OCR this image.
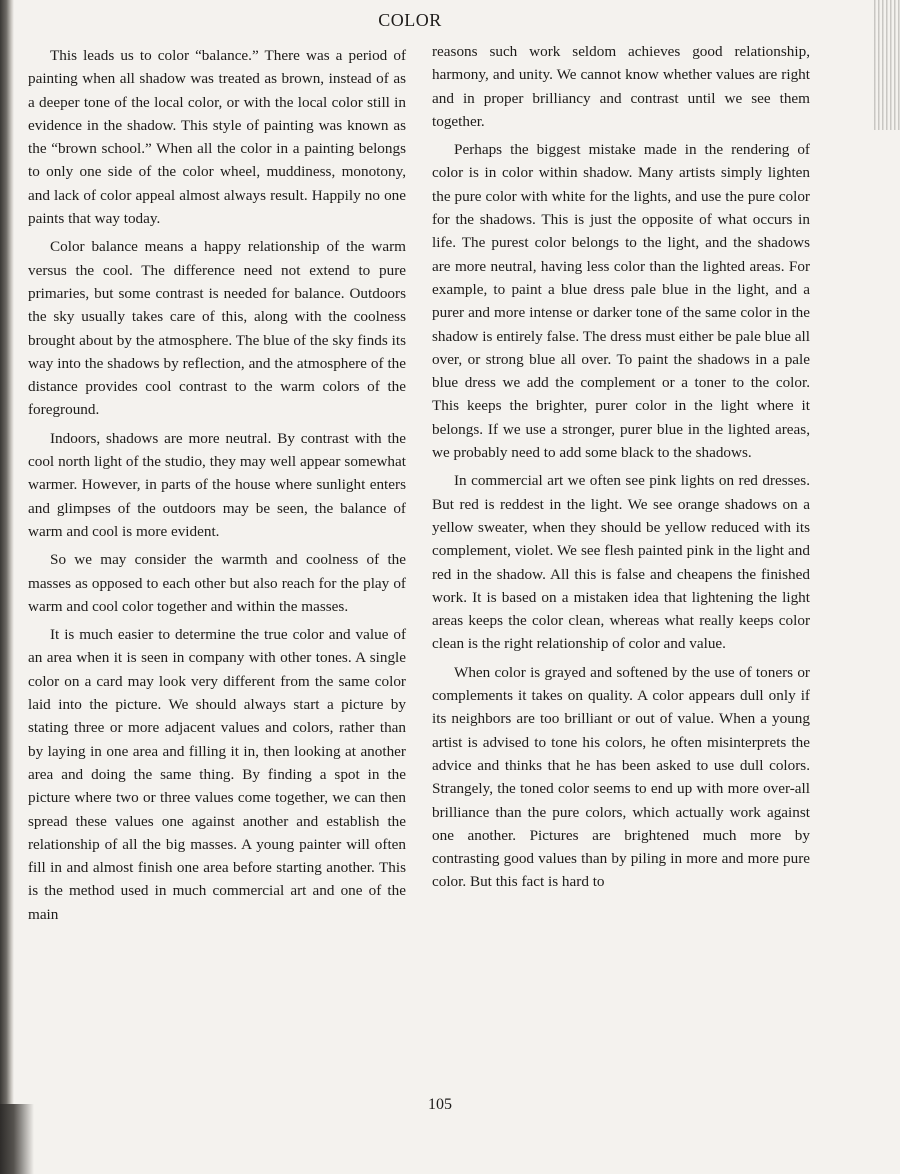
COLOR

This leads us to color “balance.” There was a period of painting when all shadow was treated as brown, instead of as a deeper tone of the local color, or with the local color still in evidence in the shadow. This style of painting was known as the “brown school.” When all the color in a painting belongs to only one side of the color wheel, muddiness, monotony, and lack of color appeal almost always result. Happily no one paints that way today.

Color balance means a happy relationship of the warm versus the cool. The difference need not extend to pure primaries, but some contrast is needed for balance. Outdoors the sky usually takes care of this, along with the coolness brought about by the atmosphere. The blue of the sky finds its way into the shadows by reflection, and the atmosphere of the distance provides cool contrast to the warm colors of the foreground.

Indoors, shadows are more neutral. By contrast with the cool north light of the studio, they may well appear somewhat warmer. However, in parts of the house where sunlight enters and glimpses of the outdoors may be seen, the balance of warm and cool is more evident.

So we may consider the warmth and coolness of the masses as opposed to each other but also reach for the play of warm and cool color together and within the masses.

It is much easier to determine the true color and value of an area when it is seen in company with other tones. A single color on a card may look very different from the same color laid into the picture. We should always start a picture by stating three or more adjacent values and colors, rather than by laying in one area and filling it in, then looking at another area and doing the same thing. By finding a spot in the picture where two or three values come together, we can then spread these values one against another and establish the relationship of all the big masses. A young painter will often fill in and almost finish one area before starting another. This is the method used in much commercial art and one of the main

reasons such work seldom achieves good relationship, harmony, and unity. We cannot know whether values are right and in proper brilliancy and contrast until we see them together.

Perhaps the biggest mistake made in the rendering of color is in color within shadow. Many artists simply lighten the pure color with white for the lights, and use the pure color for the shadows. This is just the opposite of what occurs in life. The purest color belongs to the light, and the shadows are more neutral, having less color than the lighted areas. For example, to paint a blue dress pale blue in the light, and a purer and more intense or darker tone of the same color in the shadow is entirely false. The dress must either be pale blue all over, or strong blue all over. To paint the shadows in a pale blue dress we add the complement or a toner to the color. This keeps the brighter, purer color in the light where it belongs. If we use a stronger, purer blue in the lighted areas, we probably need to add some black to the shadows.

In commercial art we often see pink lights on red dresses. But red is reddest in the light. We see orange shadows on a yellow sweater, when they should be yellow reduced with its complement, violet. We see flesh painted pink in the light and red in the shadow. All this is false and cheapens the finished work. It is based on a mistaken idea that lightening the light areas keeps the color clean, whereas what really keeps color clean is the right relationship of color and value.

When color is grayed and softened by the use of toners or complements it takes on quality. A color appears dull only if its neighbors are too brilliant or out of value. When a young artist is advised to tone his colors, he often misinterprets the advice and thinks that he has been asked to use dull colors. Strangely, the toned color seems to end up with more over-all brilliance than the pure colors, which actually work against one another. Pictures are brightened much more by contrasting good values than by piling in more and more pure color. But this fact is hard to

105
